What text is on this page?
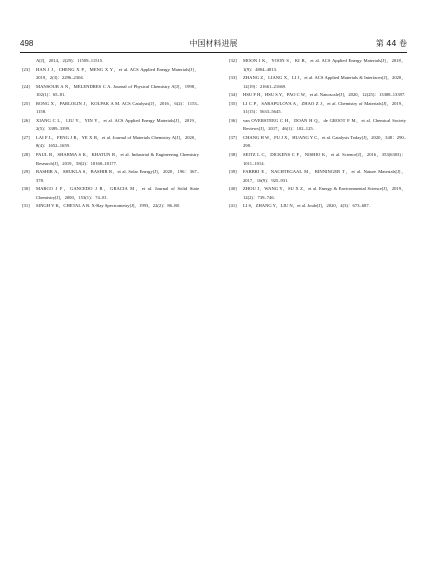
498	中国材料进展	第 44 卷
A[J]，2014，2(29)：11509–11515.
[23] HAN J J，CHENG X P，MENG X Y，et al. ACS Applied Energy Materials[J]，2019，2(3)：2296–2304.
[24] MANSOUR A N，MELENDRES C A. Journal of Physical Chemistry A[J]，1998，102(1)：65–81.
[25] RONG X，PARLOLIN J，KOLPAK A M. ACS Catalysis[J]，2016，6(2)：1153–1158.
[26] XIANG C L，LIU Y，YIN Y，et al. ACS Applied Energy Materials[J]，2019，2(5)：3389–3399.
[27] LAI F L，FENG J R，YE X B，et al. Journal of Materials Chemistry A[J]，2020，8(4)：1652–1659.
[28] PAUL B，SHARMA S K，KHATUN R，et al. Industrial & Engineering Chemistry Research[J]，2019，58(2)：18168–18177.
[29] BASHIR A，SHUKLA S，BASHIR R，et al. Solar Energy[J]，2020，196：367–378.
[30] MARCO J F，GANCEDO J R，GRACIA M，et al. Journal of Solid State Chemistry[J]，2000，153(1)：74–81.
[31] SINGH V K，CHETAL A R. X-Ray Spectrometry[J]，1993，22(2)：86–88.
[32] MOON I K，YOON S，KI B，et al. ACS Applied Energy Materials[J]，2018，1(9)：4804–4813.
[33] ZHANG Z，LIANG X，LI J，et al. ACS Applied Materials & Interfaces[J]，2020，12(19)：21661–21669.
[34] HSU F H，HSU S Y，PAO C W，et al. Nanoscale[J]，2020，12(25)：13388–13397.
[35] LI C P，SARAPULOVA A，ZHAO Z J，et al. Chemistry of Materials[J]，2019，31(15)：5633–5645.
[36] van OVERSTEEG C H，DOAN H Q，de GROOT F M，et al. Chemical Society Reviews[J]，2017，46(1)：102–125.
[37] CHANG H W，FU J X，HUANG Y C，et al. Catalysis Today[J]，2020，348：290–298.
[38] SEITZ L C，DICKENS C F，NISHIO K，et al. Science[J]，2016，353(6303)：1011–1014.
[39] FABBRI E，NACHTEGAAL M，BINNINGER T，et al. Nature Materials[J]，2017，16(9)：925–931.
[40] ZHOU J，WANG Y，SU X Z，et al. Energy & Environmental Science[J]，2019，12(2)：739–746.
[41] LI S，ZHANG Y，LIU N，et al. Joule[J]，2020，4(3)：673–687.
